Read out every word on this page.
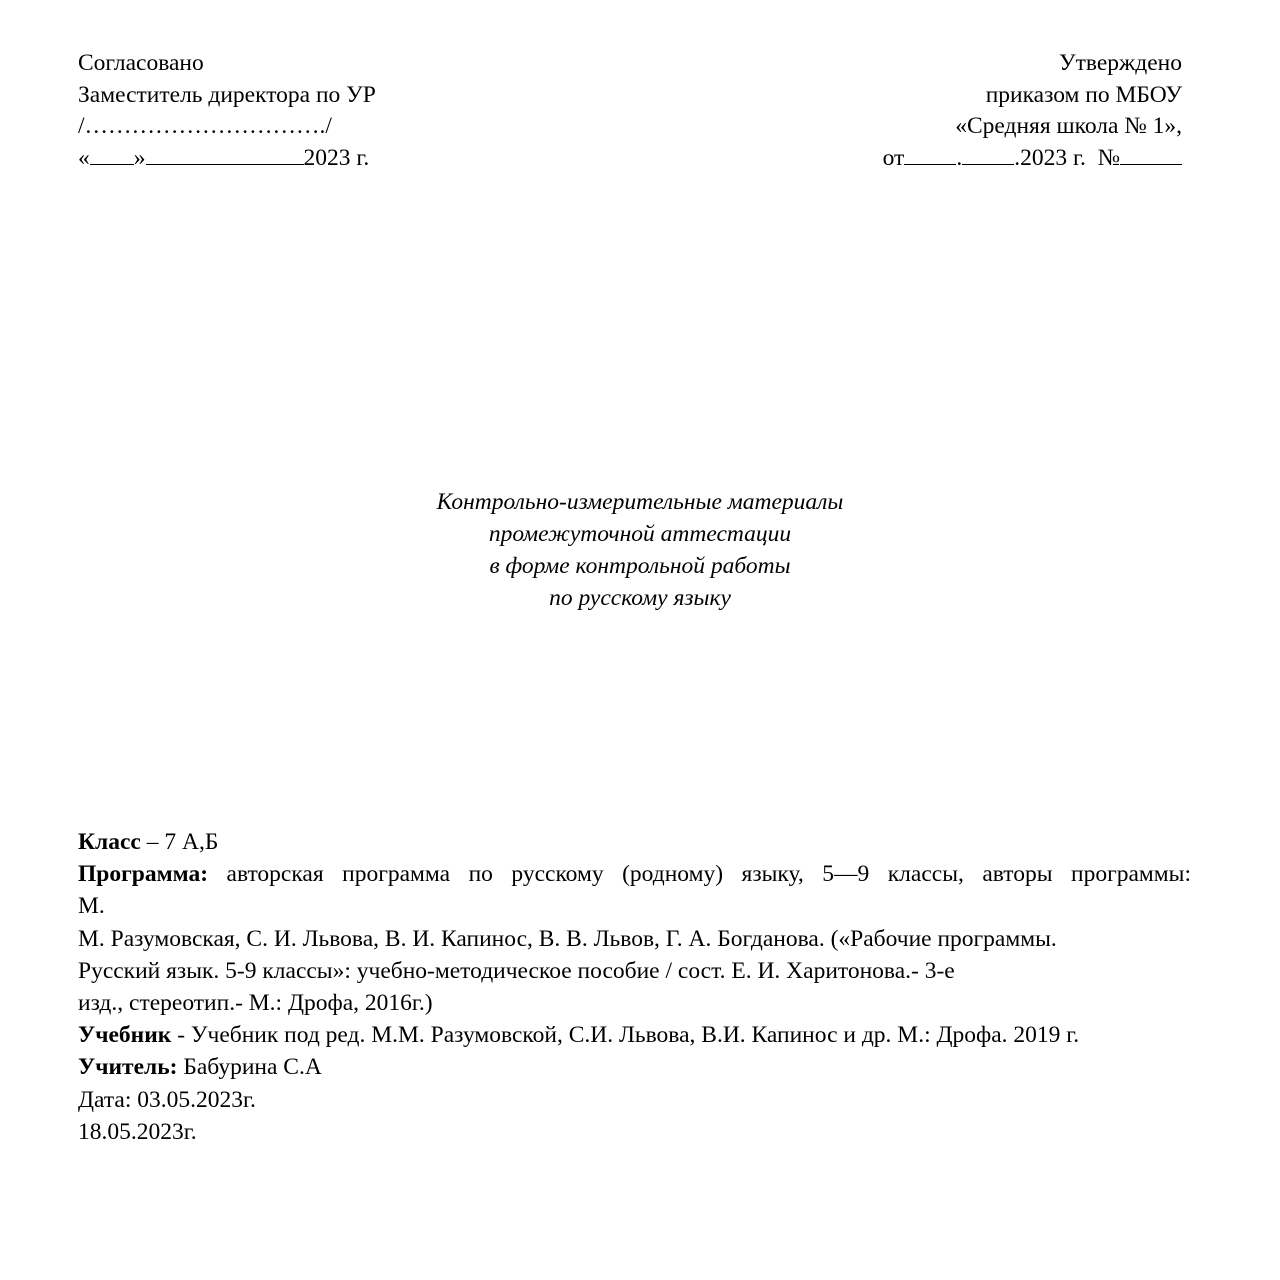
Согласовано
Заместитель директора по УР
/…………………………./
« »	2023 г.
Утверждено
приказом по МБОУ
«Средняя школа № 1»,
от . .2023 г. №
Контрольно-измерительные материалы
промежуточной аттестации
в форме контрольной работы
по русскому языку
Класс – 7 А,Б
Программа: авторская программа по русскому (родному) языку, 5—9 классы, авторы программы:
М.
М. Разумовская, С. И. Львова, В. И. Капинос, В. В. Львов, Г. А. Богданова. («Рабочие программы.
Русский язык. 5-9 классы»: учебно-методическое пособие / сост. Е. И. Харитонова.- 3-е
изд., стереотип.- М.: Дрофа, 2016г.)
Учебник - Учебник под ред. М.М. Разумовской, С.И. Львова, В.И. Капинос и др. М.: Дрофа. 2019 г.
Учитель: Бабурина С.А
Дата: 03.05.2023г.
18.05.2023г.
